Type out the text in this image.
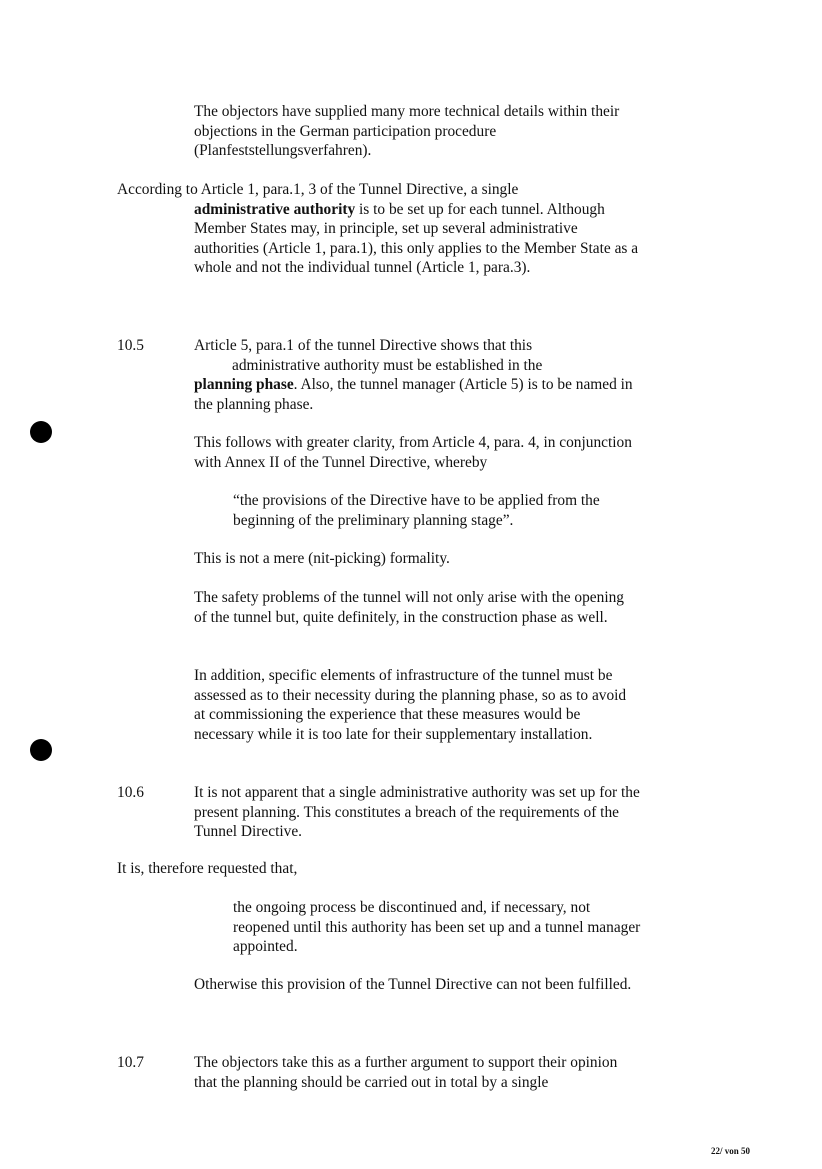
The objectors have supplied many more technical details within their objections in the German participation procedure (Planfeststellungsverfahren).

According to Article 1, para.1, 3 of the Tunnel Directive, a single
administrative authority is to be set up for each tunnel. Although Member States may, in principle, set up several administrative authorities (Article 1, para.1), this only applies to the Member State as a whole and not the individual tunnel (Article 1, para.3).
10.5	Article 5, para.1 of the tunnel Directive shows that this
administrative authority must be established in the
planning phase. Also, the tunnel manager (Article 5) is to be named in the planning phase.

This follows with greater clarity, from Article 4, para. 4, in conjunction with Annex II of the Tunnel Directive, whereby

“the provisions of the Directive have to be applied from the beginning of the preliminary planning stage”.

This is not a mere (nit-picking) formality.

The safety problems of the tunnel will not only arise with the opening of the tunnel but, quite definitely, in the construction phase as well.

In addition, specific elements of infrastructure of the tunnel must be assessed as to their necessity during the planning phase, so as to avoid at commissioning the experience that these measures would be necessary while it is too late for their supplementary installation.

10.6	It is not apparent that a single administrative authority was set up for the present planning. This constitutes a breach of the requirements of the Tunnel Directive.

It is, therefore requested that,

the ongoing process be discontinued and, if necessary, not reopened until this authority has been set up and a tunnel manager appointed.

Otherwise this provision of the Tunnel Directive can not been fulfilled.

10.7	The objectors take this as a further argument to support their opinion that the planning should be carried out in total by a single

22/ von 50
